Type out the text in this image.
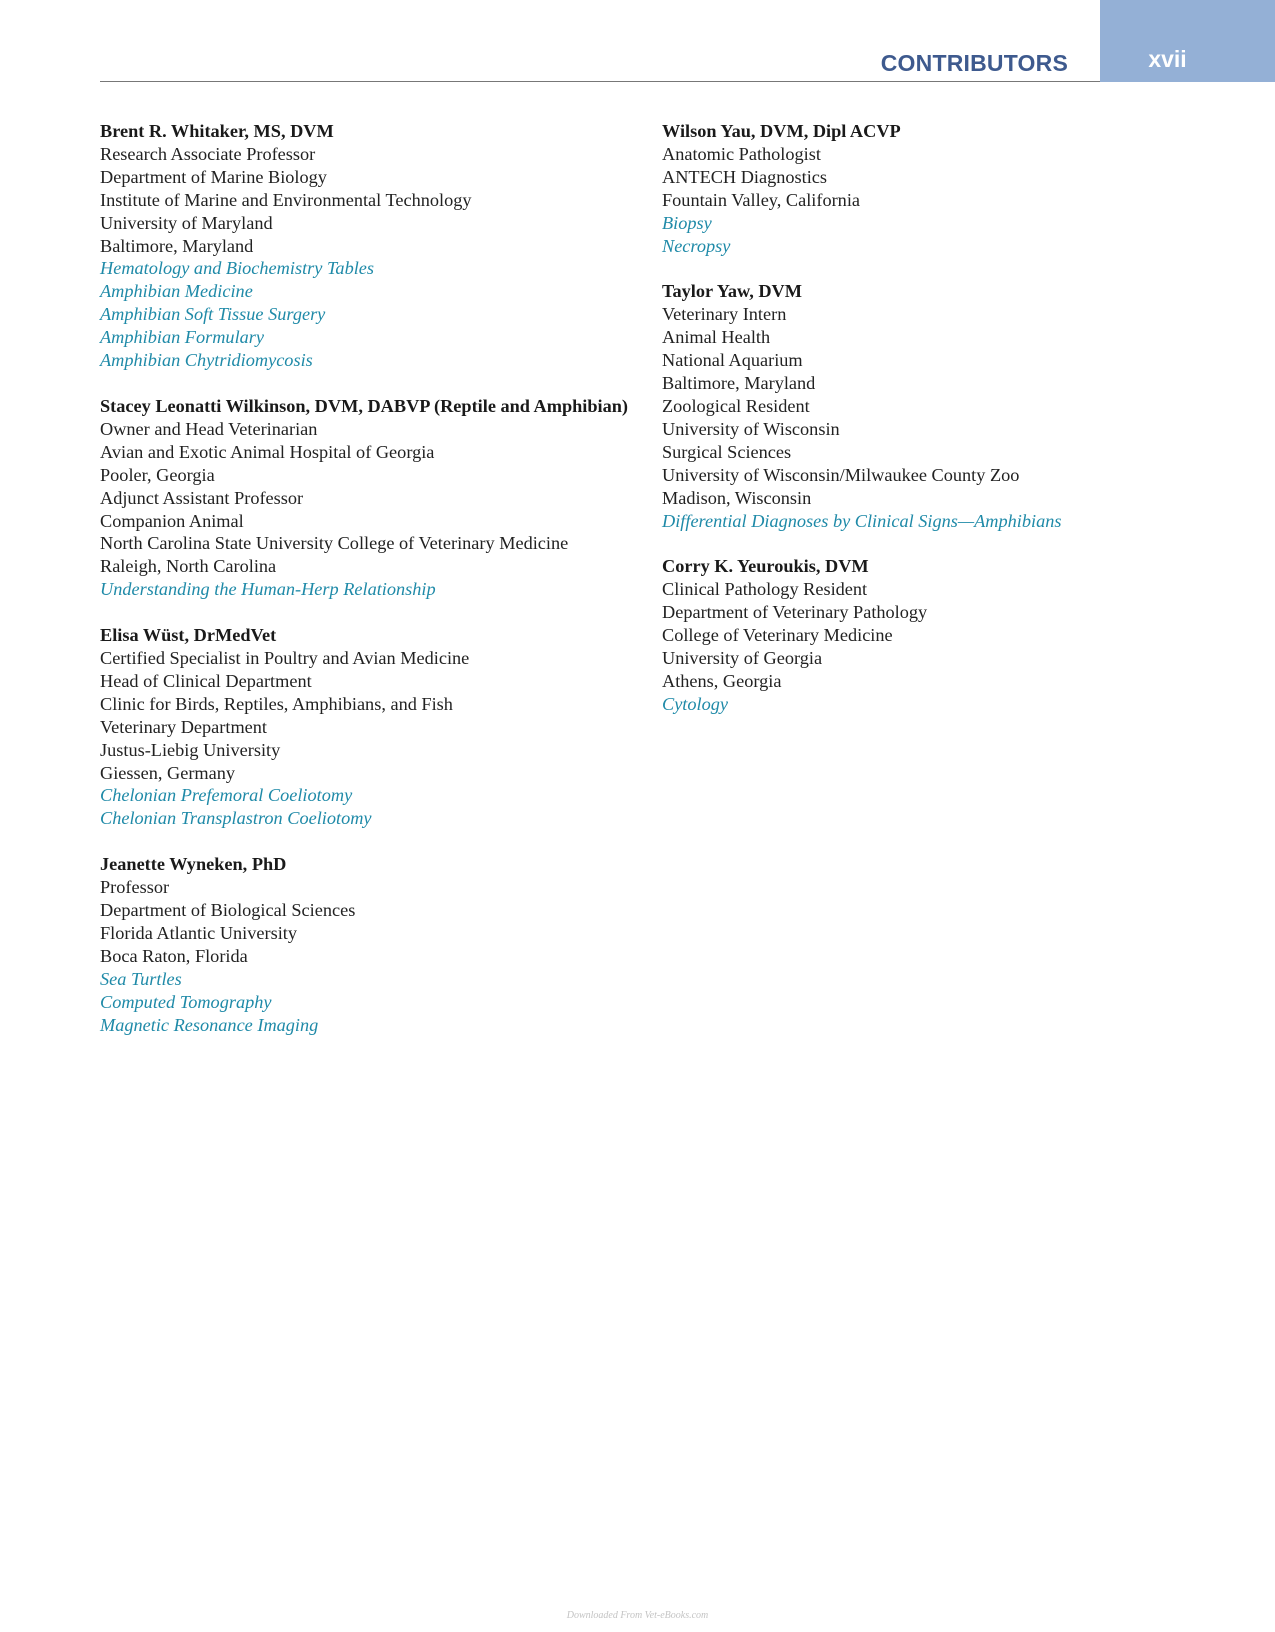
xvii
CONTRIBUTORS
Brent R. Whitaker, MS, DVM
Research Associate Professor
Department of Marine Biology
Institute of Marine and Environmental Technology
University of Maryland
Baltimore, Maryland
Hematology and Biochemistry Tables
Amphibian Medicine
Amphibian Soft Tissue Surgery
Amphibian Formulary
Amphibian Chytridiomycosis
Stacey Leonatti Wilkinson, DVM, DABVP (Reptile and Amphibian)
Owner and Head Veterinarian
Avian and Exotic Animal Hospital of Georgia
Pooler, Georgia
Adjunct Assistant Professor
Companion Animal
North Carolina State University College of Veterinary Medicine
Raleigh, North Carolina
Understanding the Human-Herp Relationship
Elisa Wüst, DrMedVet
Certified Specialist in Poultry and Avian Medicine
Head of Clinical Department
Clinic for Birds, Reptiles, Amphibians, and Fish
Veterinary Department
Justus-Liebig University
Giessen, Germany
Chelonian Prefemoral Coeliotomy
Chelonian Transplastron Coeliotomy
Jeanette Wyneken, PhD
Professor
Department of Biological Sciences
Florida Atlantic University
Boca Raton, Florida
Sea Turtles
Computed Tomography
Magnetic Resonance Imaging
Wilson Yau, DVM, Dipl ACVP
Anatomic Pathologist
ANTECH Diagnostics
Fountain Valley, California
Biopsy
Necropsy
Taylor Yaw, DVM
Veterinary Intern
Animal Health
National Aquarium
Baltimore, Maryland
Zoological Resident
University of Wisconsin
Surgical Sciences
University of Wisconsin/Milwaukee County Zoo
Madison, Wisconsin
Differential Diagnoses by Clinical Signs—Amphibians
Corry K. Yeuroukis, DVM
Clinical Pathology Resident
Department of Veterinary Pathology
College of Veterinary Medicine
University of Georgia
Athens, Georgia
Cytology
Downloaded From Vet-eBooks.com
